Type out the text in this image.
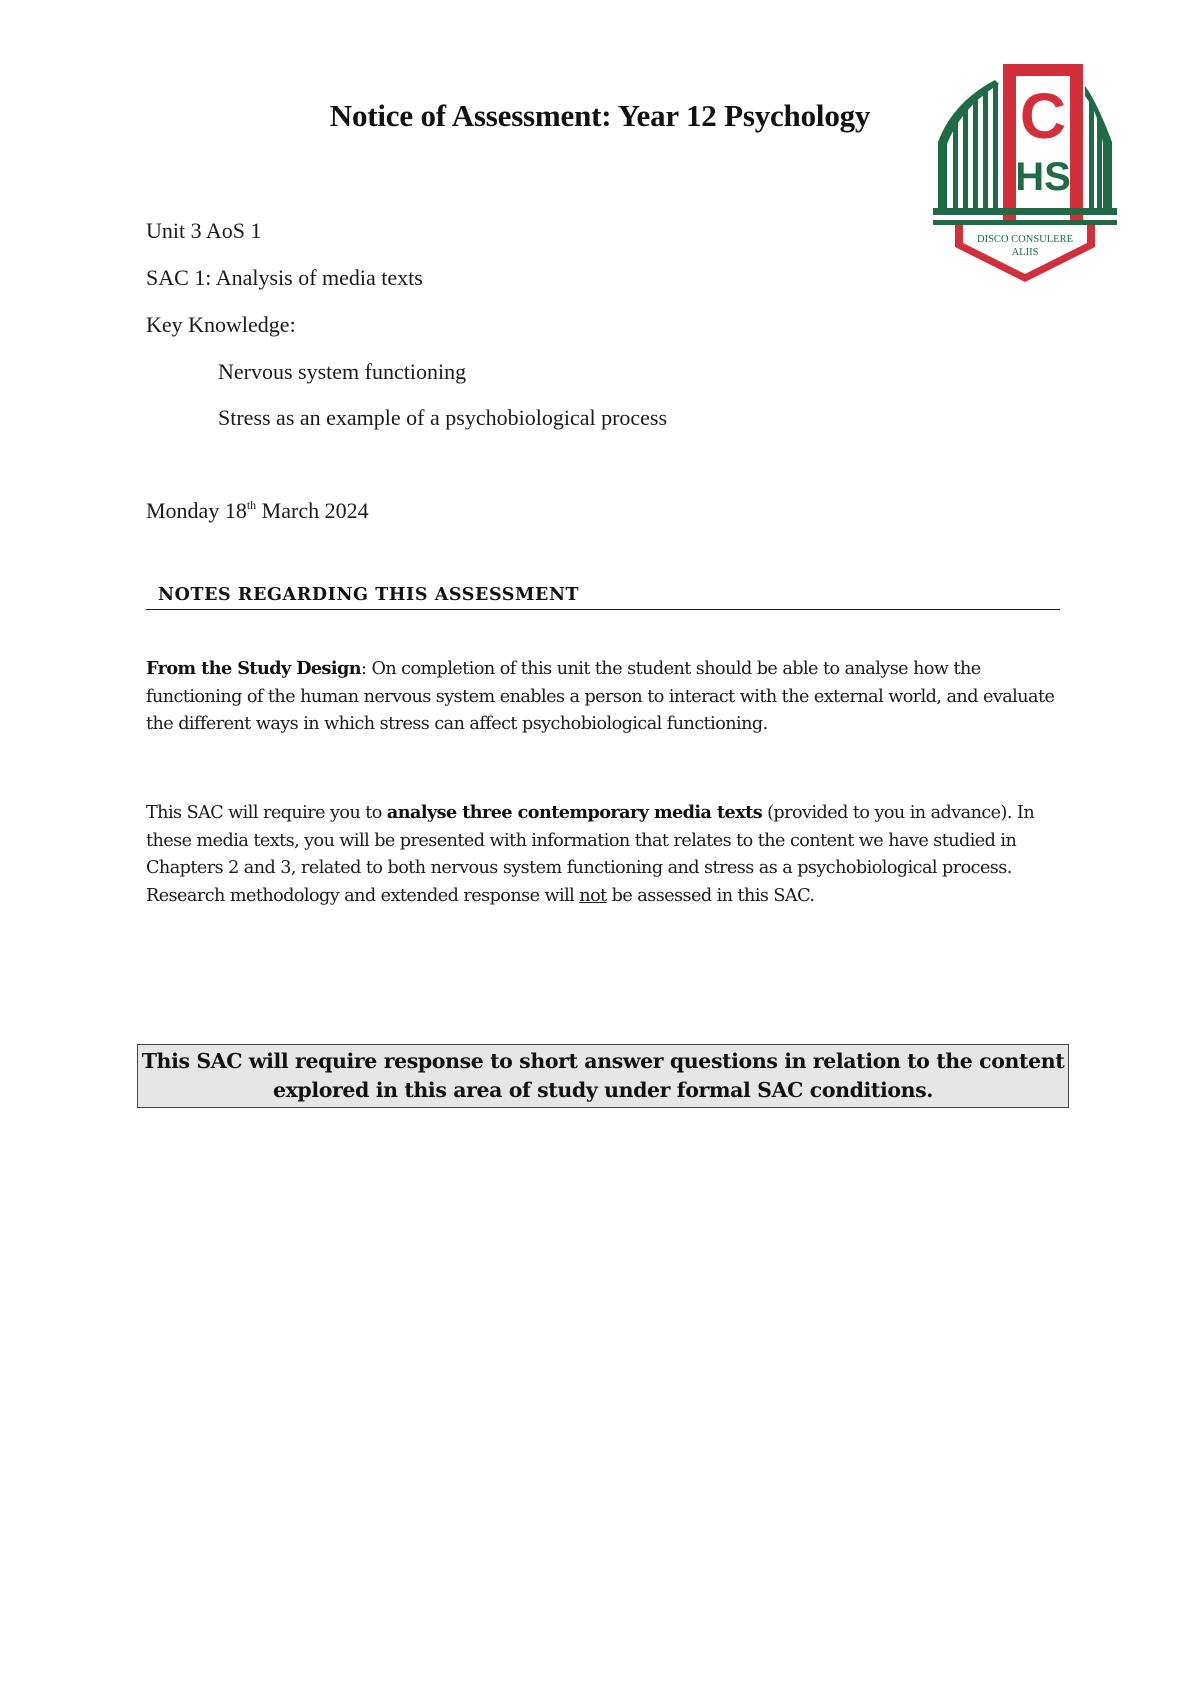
Notice of Assessment: Year 12 Psychology	C
HS
DISCO CONSULERE
ALIIS
Unit 3 AoS 1
SAC 1: Analysis of media texts
Key Knowledge:
Nervous system functioning
Stress as an example of a psychobiological process
Monday 18th March 2024
NOTES REGARDING THIS ASSESSMENT
From the Study Design: On completion of this unit the student should be able to analyse how the functioning of the human nervous system enables a person to interact with the external world, and evaluate the different ways in which stress can affect psychobiological functioning.
This SAC will require you to analyse three contemporary media texts (provided to you in advance). In these media texts, you will be presented with information that relates to the content we have studied in Chapters 2 and 3, related to both nervous system functioning and stress as a psychobiological process. Research methodology and extended response will not be assessed in this SAC.
This SAC will require response to short answer questions in relation to the content
explored in this area of study under formal SAC conditions.
